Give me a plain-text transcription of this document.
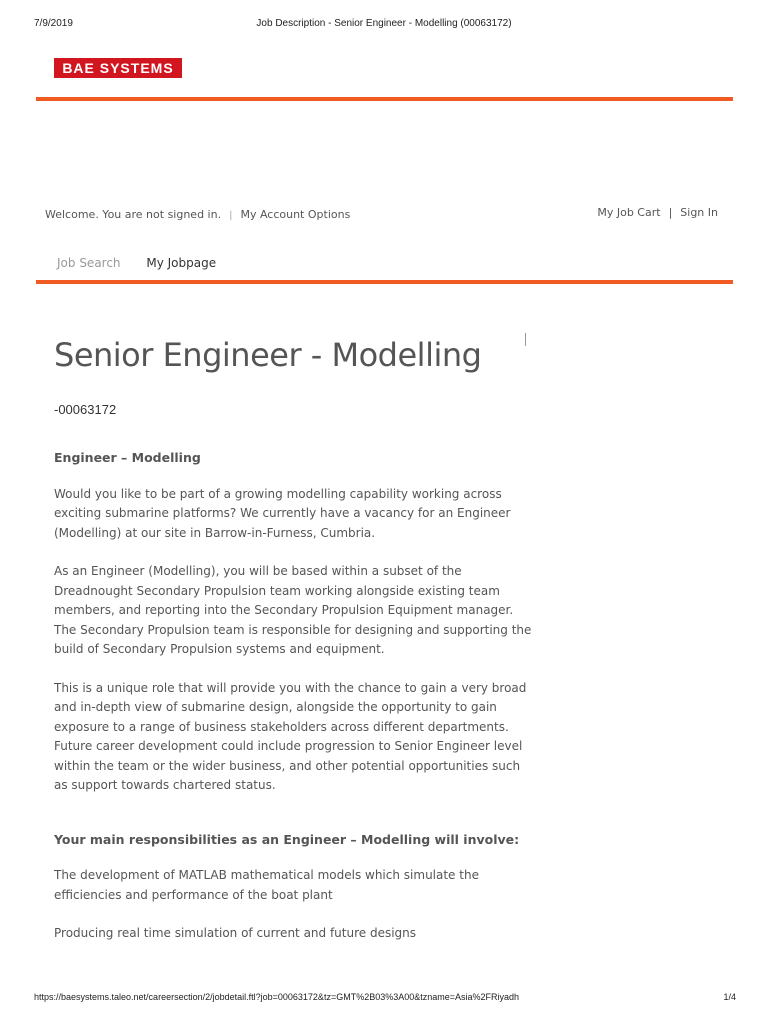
7/9/2019	Job Description - Senior Engineer - Modelling (00063172)
BAE SYSTEMS
Welcome. You are not signed in. | My Account Options	My Job Cart | Sign In
Job Search My Jobpage
Senior Engineer - Modelling
-00063172
Engineer – Modelling

Would you like to be part of a growing modelling capability working across exciting submarine platforms? We currently have a vacancy for an Engineer (Modelling) at our site in Barrow-in-Furness, Cumbria.

As an Engineer (Modelling), you will be based within a subset of the Dreadnought Secondary Propulsion team working alongside existing team members, and reporting into the Secondary Propulsion Equipment manager. The Secondary Propulsion team is responsible for designing and supporting the build of Secondary Propulsion systems and equipment.

This is a unique role that will provide you with the chance to gain a very broad and in-depth view of submarine design, alongside the opportunity to gain exposure to a range of business stakeholders across different departments. Future career development could include progression to Senior Engineer level within the team or the wider business, and other potential opportunities such as support towards chartered status.

Your main responsibilities as an Engineer – Modelling will involve:

The development of MATLAB mathematical models which simulate the efficiencies and performance of the boat plant

Producing real time simulation of current and future designs

https://baesystems.taleo.net/careersection/2/jobdetail.ftl?job=00063172&tz=GMT%2B03%3A00&tzname=Asia%2FRiyadh	1/4
